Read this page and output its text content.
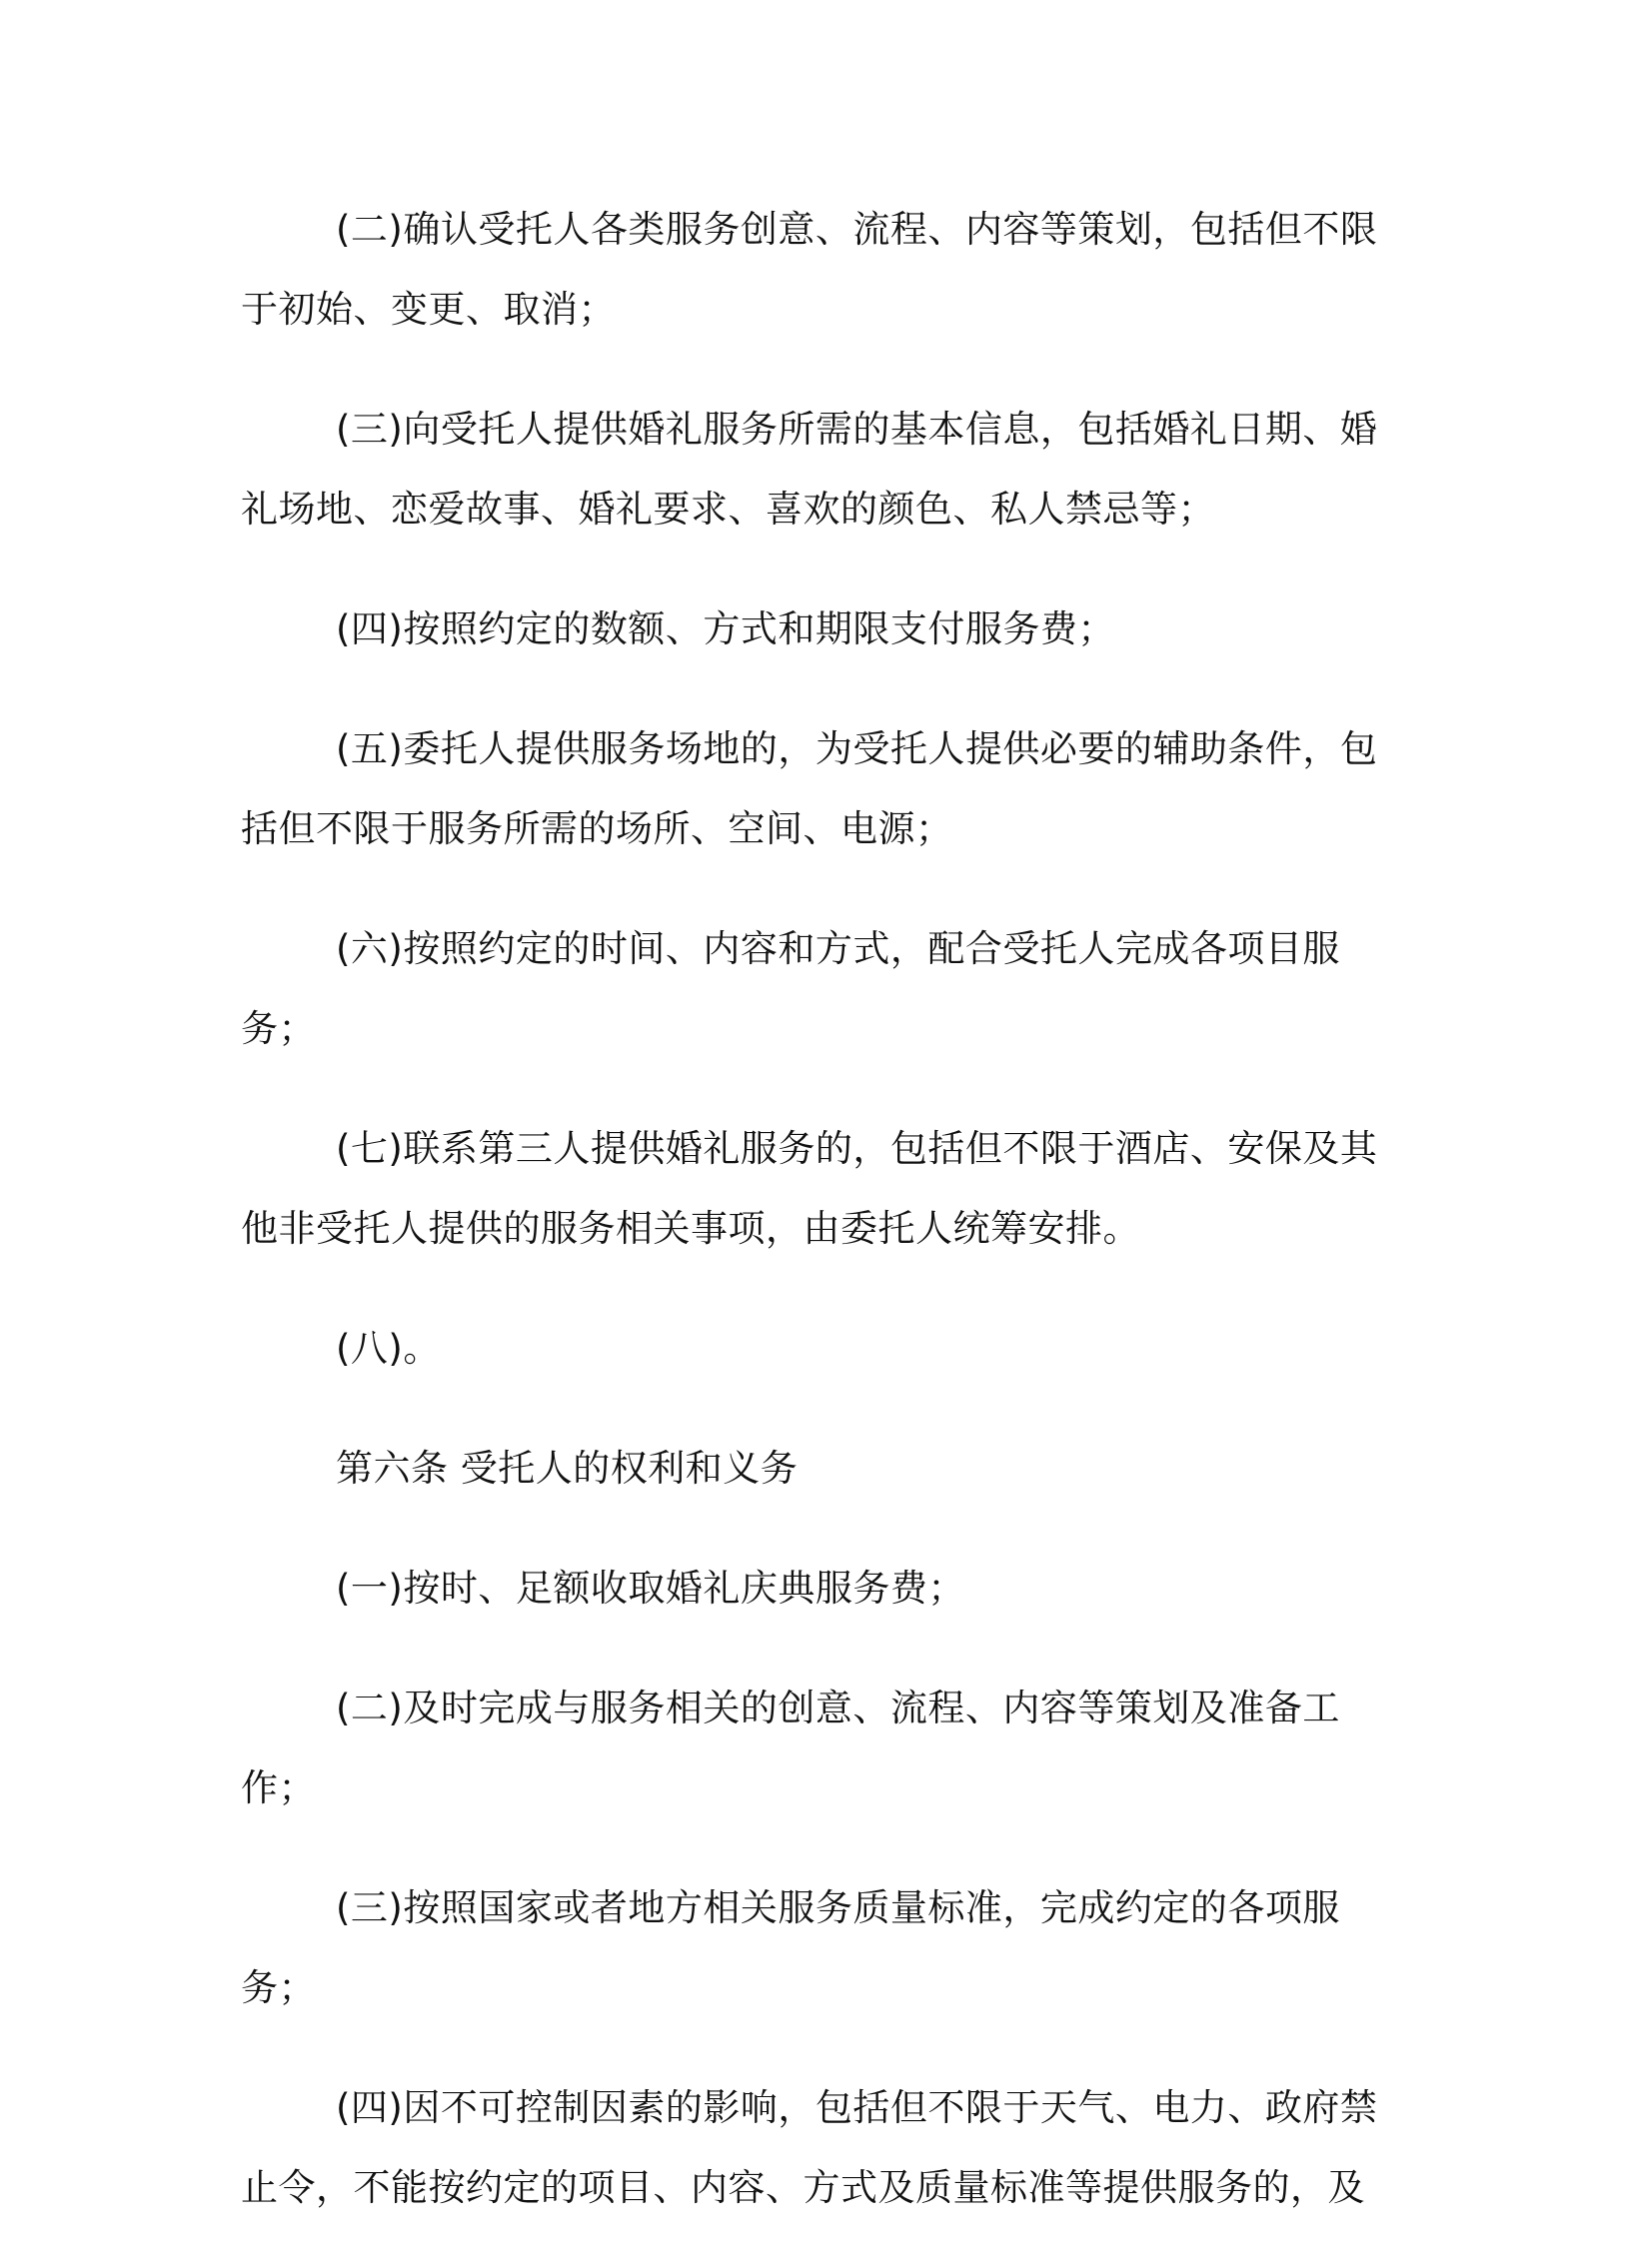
(二)确认受托人各类服务创意、流程、内容等策划，包括但不限于初始、变更、取消；

(三)向受托人提供婚礼服务所需的基本信息，包括婚礼日期、婚礼场地、恋爱故事、婚礼要求、喜欢的颜色、私人禁忌等；

(四)按照约定的数额、方式和期限支付服务费；

(五)委托人提供服务场地的，为受托人提供必要的辅助条件，包括但不限于服务所需的场所、空间、电源；

(六)按照约定的时间、内容和方式，配合受托人完成各项目服务；

(七)联系第三人提供婚礼服务的，包括但不限于酒店、安保及其他非受托人提供的服务相关事项，由委托人统筹安排。

(八)。

第六条 受托人的权利和义务

(一)按时、足额收取婚礼庆典服务费；

(二)及时完成与服务相关的创意、流程、内容等策划及准备工作；

(三)按照国家或者地方相关服务质量标准，完成约定的各项服务；

(四)因不可控制因素的影响，包括但不限于天气、电力、政府禁止令，不能按约定的项目、内容、方式及质量标准等提供服务的，及
